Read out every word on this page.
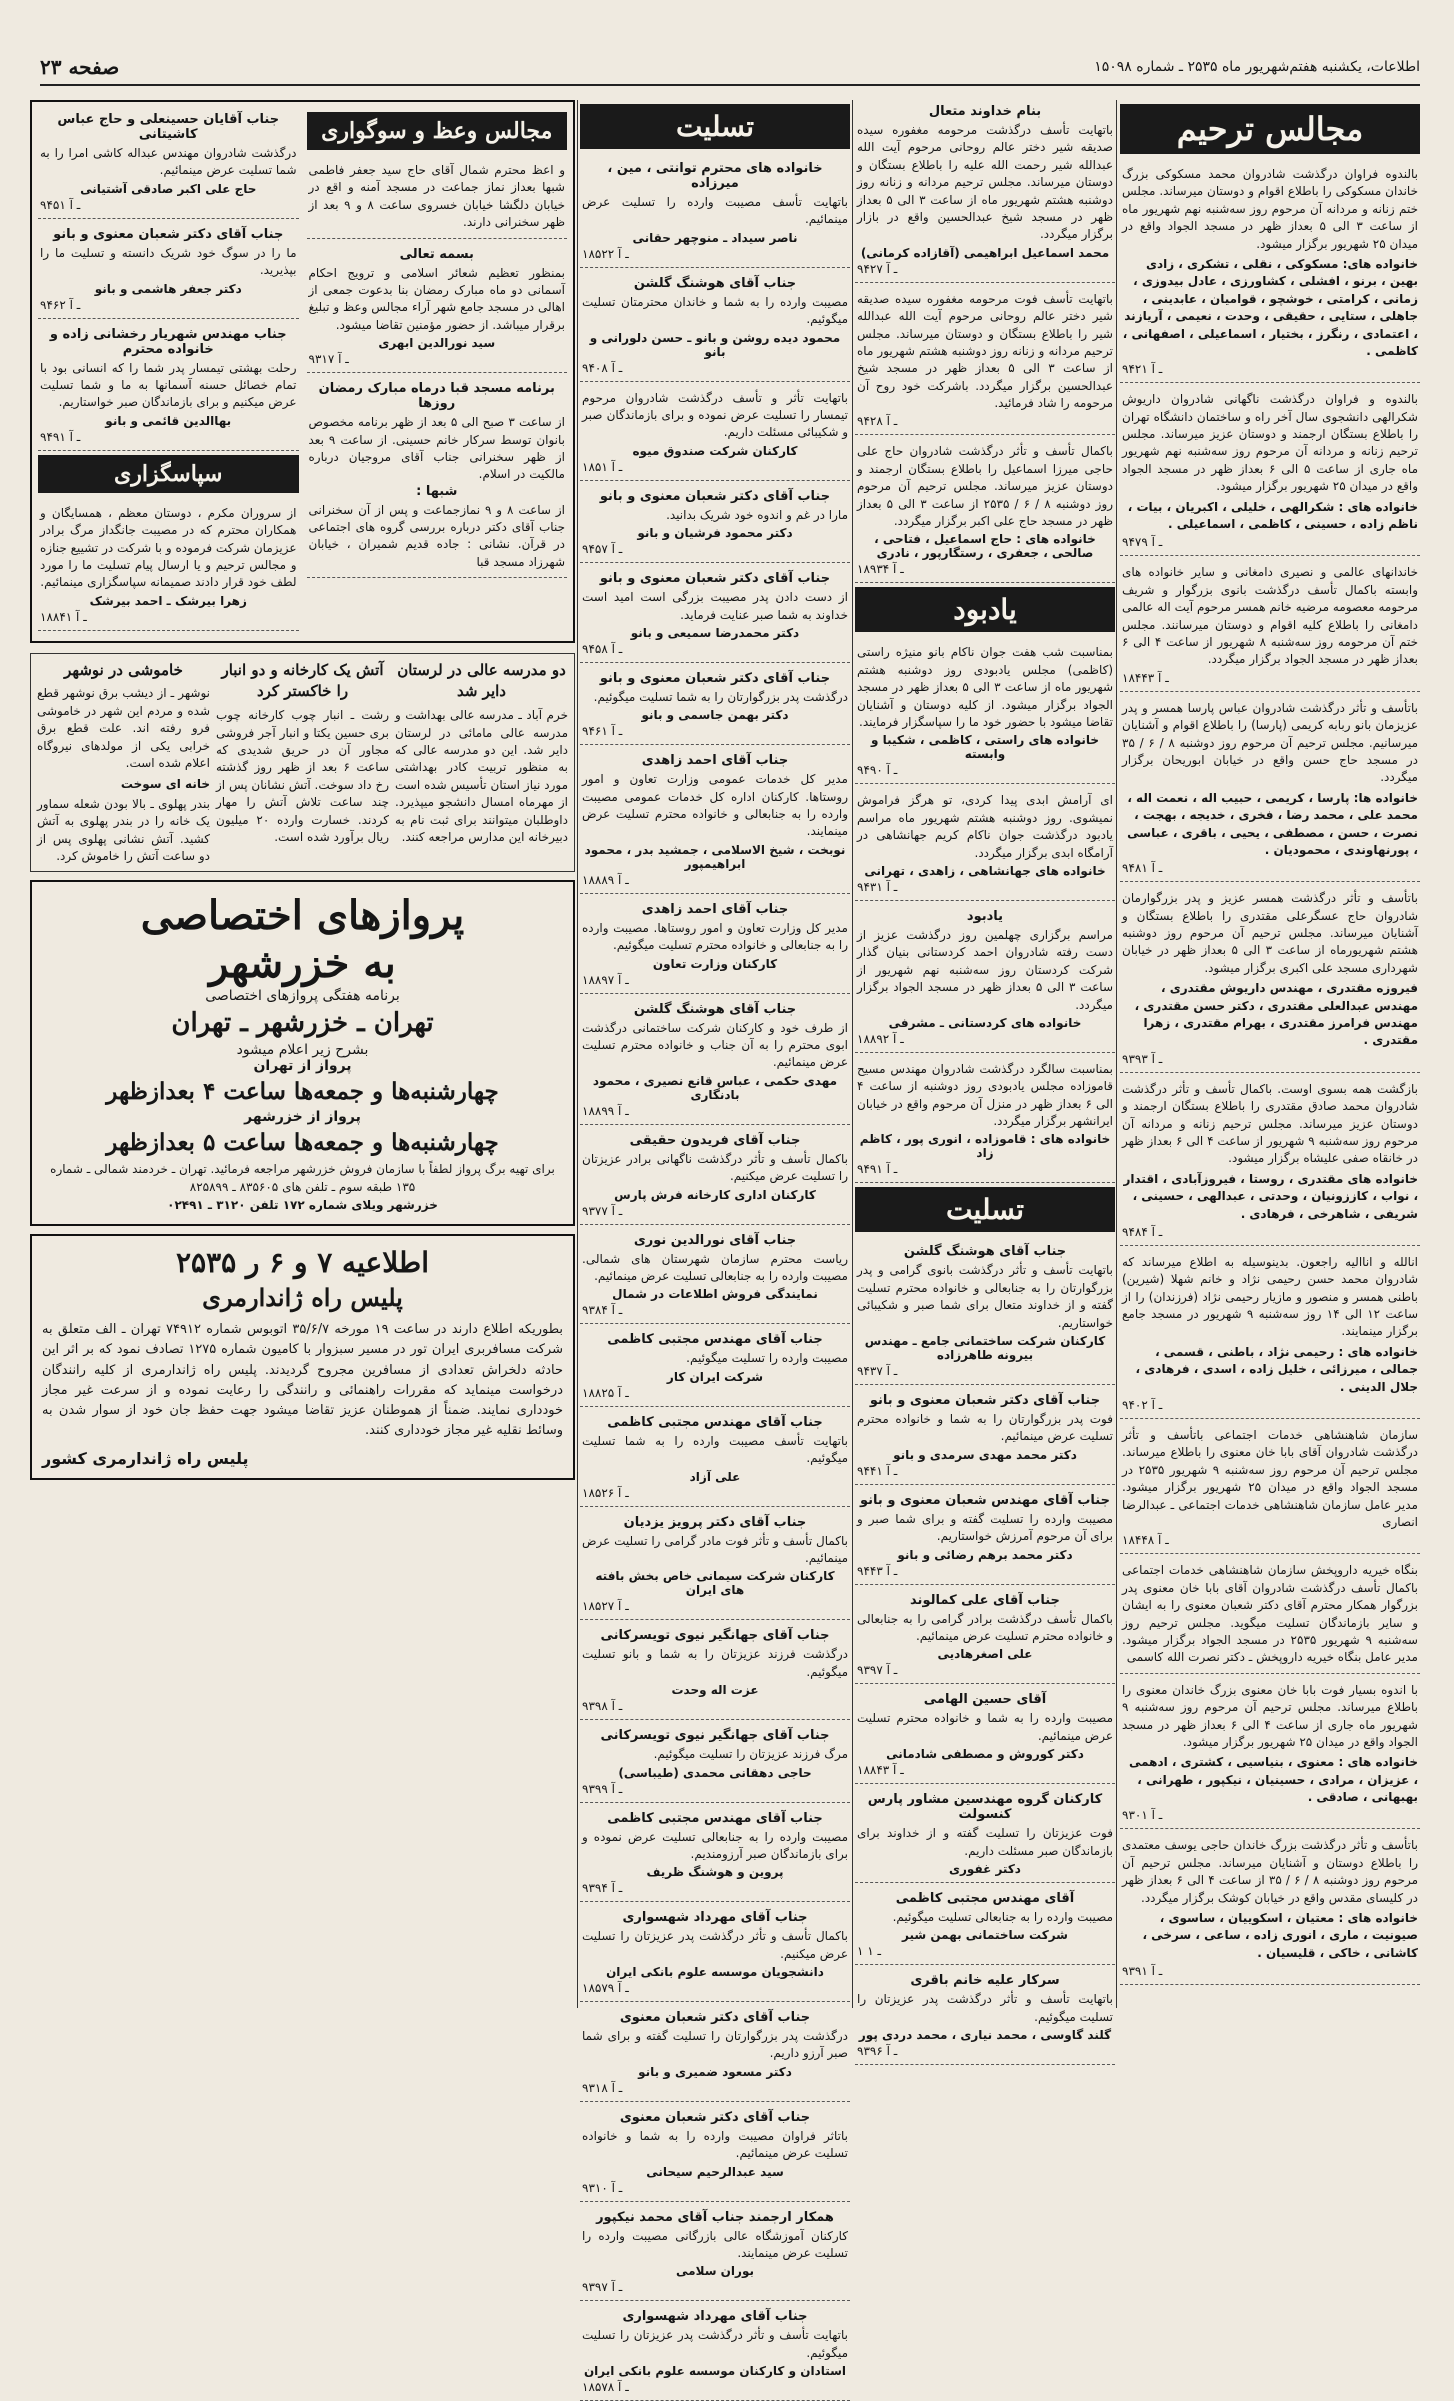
اطلاعات، یکشنبه هفتم‌شهریور ماه ۲۵۳۵ ـ شماره ۱۵۰۹۸
صفحه ۲۳
مجالس ترحیم
بالندوه فراوان درگذشت شادروان محمد مسکوکی بزرگ خاندان مسکوکی را باطلاع اقوام و دوستان میرساند. مجلس ختم زنانه و مردانه آن مرحوم روز سه‌شنبه نهم شهریور ماه از ساعت ۳ الی ۵ بعداز ظهر در مسجد الجواد واقع در میدان ۲۵ شهریور برگزار میشود.
خانواده های: مسکوکی ، نقلی ، تشکری ، زادی بهین ، برنو ، افشلی ، کشاورزی ، عادل بیدوزی ، زمانی ، کرامتی ، خوشچو ، قوامیان ، عابدینی ، جاهلی ، ستایی ، حقیقی ، وحدت ، نعیمی ، آریازند ، اعتمادی ، رنگرز ، بختیار ، اسماعیلی ، اصفهانی ، کاظمی .
۹۴۲۱ ـ آ
بالندوه و فراوان درگذشت ناگهانی شادروان داریوش شکرالهی دانشجوی سال آخر راه و ساختمان دانشگاه تهران را باطلاع بستگان ارجمند و دوستان عزیز میرساند. مجلس ترحیم زنانه و مردانه آن مرحوم روز سه‌شنبه نهم شهریور ماه جاری از ساعت ۵ الی ۶ بعداز ظهر در مسجد الجواد واقع در میدان ۲۵ شهریور برگزار میشود.
خانواده های : شکرالهی ، خلیلی ، اکبریان ، بیات ، ناظم زاده ، حسینی ، کاظمی ، اسماعیلی .
۹۴۷۹ ـ آ
خاندانهای عالمی و نصیری دامغانی و سایر خانواده های وابسته باکمال تأسف درگذشت بانوی بزرگوار و شریف مرحومه معصومه مرضیه خانم همسر مرحوم آیت اله عالمی دامغانی را باطلاع کلیه اقوام و دوستان میرسانند. مجلس ختم آن مرحومه روز سه‌شنبه ۸ شهریور از ساعت ۴ الی ۶ بعداز ظهر در مسجد الجواد برگزار میگردد.
۱۸۴۴۳ ـ آ
باتأسف و تأثر درگذشت شادروان عباس پارسا همسر و پدر عزیزمان بانو ربابه کریمی (پارسا) را باطلاع اقوام و آشنایان میرسانیم. مجلس ترحیم آن مرحوم روز دوشنبه ۸ / ۶ / ۳۵ در مسجد حاج حسن واقع در خیابان ابوریحان برگزار میگردد.
خانواده ها: پارسا ، کریمی ، حبیب اله ، نعمت اله ، محمد علی ، محمد رضا ، فخری ، خدیجه ، بهجت ، نصرت ، حسن ، مصطفی ، یحیی ، باقری ، عباسی ، پورنهاوندی ، محمودیان .
۹۴۸۱ ـ آ
باتأسف و تأثر درگذشت همسر عزیز و پدر بزرگوارمان شادروان حاج عسگرعلی مقتدری را باطلاع بستگان و آشنایان میرساند. مجلس ترحیم آن مرحوم روز دوشنبه هشتم شهریورماه از ساعت ۳ الی ۵ بعداز ظهر در خیابان شهرداری مسجد علی اکبری برگزار میشود.
فیروزه مقتدری ، مهندس داریوش مقتدری ، مهندس عبدالعلی مقتدری ، دکتر حسن مقتدری ، مهندس فرامرز مقتدری ، بهرام مقتدری ، زهرا مقتدری .
۹۳۹۳ ـ آ
بازگشت همه بسوی اوست. باکمال تأسف و تأثر درگذشت شادروان محمد صادق مقتدری را باطلاع بستگان ارجمند و دوستان عزیز میرساند. مجلس ترحیم زنانه و مردانه آن مرحوم روز سه‌شنبه ۹ شهریور از ساعت ۴ الی ۶ بعداز ظهر در خانقاه صفی علیشاه برگزار میشود.
خانواده های مقتدری ، روستا ، فیروزآبادی ، اقتدار ، نواب ، کاززونیان ، وحدتی ، عبدالهی ، حسینی ، شریفی ، شاهرخی ، فرهادی .
۹۴۸۴ ـ آ
انالله و اناالیه راجعون. بدینوسیله به اطلاع میرساند که شادروان محمد حسن رحیمی نژاد و خانم شهلا (شیرین) باطنی همسر و منصور و مازیار رحیمی نژاد (فرزندان) را از ساعت ۱۲ الی ۱۴ روز سه‌شنبه ۹ شهریور در مسجد جامع برگزار مینمایند.
خانواده های : رحیمی نژاد ، باطنی ، قسمی ، جمالی ، میرزائی ، خلیل زاده ، اسدی ، فرهادی ، جلال الدینی .
۹۴۰۲ ـ آ
سازمان شاهنشاهی خدمات اجتماعی باتأسف و تأثر درگذشت شادروان آقای بابا خان معنوی را باطلاع میرساند. مجلس ترحیم آن مرحوم روز سه‌شنبه ۹ شهریور ۲۵۳۵ در مسجد الجواد واقع در میدان ۲۵ شهریور برگزار میشود. مدیر عامل سازمان شاهنشاهی خدمات اجتماعی ـ عبدالرضا انصاری
۱۸۴۴۸ ـ آ
بنگاه خیریه داروپخش سازمان شاهنشاهی خدمات اجتماعی باکمال تأسف درگذشت شادروان آقای بابا خان معنوی پدر بزرگوار همکار محترم آقای دکتر شعبان معنوی را به ایشان و سایر بازماندگان تسلیت میگوید. مجلس ترحیم روز سه‌شنبه ۹ شهریور ۲۵۳۵ در مسجد الجواد برگزار میشود. مدیر عامل بنگاه خیریه داروپخش ـ دکتر نصرت الله کاسمی
با اندوه بسیار فوت بابا خان معنوی بزرگ خاندان معنوی را باطلاع میرساند. مجلس ترحیم آن مرحوم روز سه‌شنبه ۹ شهریور ماه جاری از ساعت ۴ الی ۶ بعداز ظهر در مسجد الجواد واقع در میدان ۲۵ شهریور برگزار میشود.
خانواده های : معنوی ، بنیاسیی ، کشتری ، ادهمی ، عزیزان ، مرادی ، حسینیان ، نیکپور ، طهرانی ، بهبهانی ، صادقی .
۹۳۰۱ ـ آ
باتأسف و تأثر درگذشت بزرگ خاندان حاجی یوسف معتمدی را باطلاع دوستان و آشنایان میرساند. مجلس ترحیم آن مرحوم روز دوشنبه ۸ / ۶ / ۳۵ از ساعت ۴ الی ۶ بعداز ظهر در کلیسای مقدس واقع در خیابان کوشک برگزار میگردد.
خانواده های : معتیان ، اسکوییان ، ساسوی ، صیونیت ، ماری ، انوری زاده ، ساعی ، سرخی ، کاشانی ، خاکی ، قلیسیان .
۹۳۹۱ ـ آ
بنام خداوند متعال
باتهایت تأسف درگذشت مرحومه مغفوره سیده صدیقه شیر دختر عالم روحانی مرحوم آیت الله عبدالله شیر رحمت الله علیه را باطلاع بستگان و دوستان میرساند. مجلس ترحیم مردانه و زنانه روز دوشنبه هشتم شهریور ماه از ساعت ۳ الی ۵ بعداز ظهر در مسجد شیخ عبدالحسین واقع در بازار برگزار میگردد.
محمد اسماعیل ابراهیمی (آقازاده کرمانی)
۹۴۲۷ ـ آ
باتهایت تأسف فوت مرحومه مغفوره سیده صدیقه شیر دختر عالم روحانی مرحوم آیت الله عبدالله شیر را باطلاع بستگان و دوستان میرساند. مجلس ترحیم مردانه و زنانه روز دوشنبه هشتم شهریور ماه از ساعت ۳ الی ۵ بعداز ظهر در مسجد شیخ عبدالحسین برگزار میگردد. باشرکت خود روح آن مرحومه را شاد فرمائید.
۹۴۲۸ ـ آ
باکمال تأسف و تأثر درگذشت شادروان حاج علی حاجی میرزا اسماعیل را باطلاع بستگان ارجمند و دوستان عزیز میرساند. مجلس ترحیم آن مرحوم روز دوشنبه ۸ / ۶ / ۲۵۳۵ از ساعت ۳ الی ۵ بعداز ظهر در مسجد حاج علی اکبر برگزار میگردد.
خانواده های : حاج اسماعیل ، فتاحی ، صالحی ، جعفری ، رستگارپور ، نادری
۱۸۹۳۴ ـ آ
یادبود
بمناسبت شب هفت جوان ناکام بانو منیژه راستی (کاظمی) مجلس یادبودی روز دوشنبه هشتم شهریور ماه از ساعت ۳ الی ۵ بعداز ظهر در مسجد الجواد برگزار میشود. از کلیه دوستان و آشنایان تقاضا میشود با حضور خود ما را سپاسگزار فرمایند.
خانواده های راستی ، کاظمی ، شکیبا و وابسته
۹۴۹۰ ـ آ
ای آرامش ابدی پیدا کردی، تو هرگز فراموش نمیشوی. روز دوشنبه هشتم شهریور ماه مراسم یادبود درگذشت جوان ناکام کریم جهانشاهی در آرامگاه ابدی برگزار میگردد.
خانواده های جهانشاهی ، زاهدی ، تهرانی
۹۴۳۱ ـ آ
یادبود
مراسم برگزاری چهلمین روز درگذشت عزیز از دست رفته شادروان احمد کردستانی بنیان گذار شرکت کردستان روز سه‌شنبه نهم شهریور از ساعت ۳ الی ۵ بعداز ظهر در مسجد الجواد برگزار میگردد.
خانواده های کردستانی ـ مشرفی
۱۸۸۹۲ ـ آ
بمناسبت سالگرد درگذشت شادروان مهندس مسیح قاموزاده مجلس یادبودی روز دوشنبه از ساعت ۴ الی ۶ بعداز ظهر در منزل آن مرحوم واقع در خیابان ایرانشهر برگزار میگردد.
خانواده های : قاموزاده ، انوری پور ، کاظم زاد
۹۴۹۱ ـ آ
تسلیت
جناب آقای هوشنگ گلشن
باتهایت تأسف و تأثر درگذشت بانوی گرامی و پدر بزرگوارتان را به جنابعالی و خانواده محترم تسلیت گفته و از خداوند متعال برای شما صبر و شکیبائی خواستاریم.
کارکنان شرکت ساختمانی جامع ـ مهندس بیرونه طاهرزاده
۹۴۳۷ ـ آ
جناب آقای دکتر شعبان معنوی و بانو
فوت پدر بزرگوارتان را به شما و خانواده محترم تسلیت عرض مینمائیم.
دکتر محمد مهدی سرمدی و بانو
۹۴۴۱ ـ آ
جناب آقای مهندس شعبان معنوی و بانو
مصیبت وارده را تسلیت گفته و برای شما صبر و برای آن مرحوم آمرزش خواستاریم.
دکتر محمد برهم رضائی و بانو
۹۴۴۳ ـ آ
جناب آقای علی کمالوند
باکمال تأسف درگذشت برادر گرامی را به جنابعالی و خانواده محترم تسلیت عرض مینمائیم.
علی اصغرهادیی
۹۳۹۷ ـ آ
آقای حسین الهامی
مصیبت وارده را به شما و خانواده محترم تسلیت عرض مینمائیم.
دکتر کوروش و مصطفی شادمانی
۱۸۸۴۳ ـ آ
کارکنان گروه مهندسین مشاور پارس کنسولت
فوت عزیزتان را تسلیت گفته و از خداوند برای بازماندگان صبر مسئلت داریم.
دکتر غفوری
آقای مهندس مجتبی کاظمی
مصیبت وارده را به جنابعالی تسلیت میگوئیم.
شرکت ساختمانی بهمن شیر
۱ ـ ۱
سرکار علیه خانم باقری
باتهایت تأسف و تأثر درگذشت پدر عزیزتان را تسلیت میگوئیم.
گلند گاوسی ، محمد نیاری ، محمد دردی پور
۹۳۹۶ ـ آ
تسلیت
خانواده های محترم توانتی ، مین ، میرزاده
باتهایت تأسف مصیبت وارده را تسلیت عرض مینمائیم.
ناصر سیداد ـ منوچهر حقانی
۱۸۵۲۲ ـ آ
جناب آقای هوشنگ گلشن
مصیبت وارده را به شما و خاندان محترمتان تسلیت میگوئیم.
محمود دیده روشن و بانو ـ حسن دلورانی و بانو
۹۴۰۸ ـ آ
باتهایت تأثر و تأسف درگذشت شادروان مرحوم تیمسار را تسلیت عرض نموده و برای بازماندگان صبر و شکیبائی مسئلت داریم.
کارکنان شرکت صندوق میوه
۱۸۵۱ ـ آ
جناب آقای دکتر شعبان معنوی و بانو
مارا در غم و اندوه خود شریک بدانید.
دکتر محمود فرشیان و بانو
۹۴۵۷ ـ آ
جناب آقای دکتر شعبان معنوی و بانو
از دست دادن پدر مصیبت بزرگی است امید است خداوند به شما صبر عنایت فرماید.
دکتر محمدرضا سمیعی و بانو
۹۴۵۸ ـ آ
جناب آقای دکتر شعبان معنوی و بانو
درگذشت پدر بزرگوارتان را به شما تسلیت میگوئیم.
دکتر بهمن جاسمی و بانو
۹۴۶۱ ـ آ
جناب آقای احمد زاهدی
مدیر کل خدمات عمومی وزارت تعاون و امور روستاها. کارکنان اداره کل خدمات عمومی مصیبت وارده را به جنابعالی و خانواده محترم تسلیت عرض مینمایند.
نوبخت ، شیخ الاسلامی ، جمشید بدر ، محمود ابراهیمپور
۱۸۸۸۹ ـ آ
جناب آقای احمد زاهدی
مدیر کل وزارت تعاون و امور روستاها. مصیبت وارده را به جنابعالی و خانواده محترم تسلیت میگوئیم.
کارکنان وزارت تعاون
۱۸۸۹۷ ـ آ
جناب آقای هوشنگ گلشن
از طرف خود و کارکنان شرکت ساختمانی درگذشت ابوی محترم را به آن جناب و خانواده محترم تسلیت عرض مینمائیم.
مهدی حکمی ، عباس قانع نصیری ، محمود بادنگاری
۱۸۸۹۹ ـ آ
جناب آقای فریدون حقیقی
باکمال تأسف و تأثر درگذشت ناگهانی برادر عزیزتان را تسلیت عرض میکنیم.
کارکنان اداری کارخانه فرش پارس
۹۳۷۷ ـ آ
جناب آقای نورالدین نوری
ریاست محترم سازمان شهرستان های شمالی. مصیبت وارده را به جنابعالی تسلیت عرض مینمائیم.
نمایندگی فروش اطلاعات در شمال
۹۳۸۴ ـ آ
جناب آقای مهندس مجتبی کاظمی
مصیبت وارده را تسلیت میگوئیم.
شرکت ایران کار
۱۸۸۲۵ ـ آ
جناب آقای مهندس مجتبی کاظمی
باتهایت تأسف مصیبت وارده را به شما تسلیت میگوئیم.
علی آزاد
۱۸۵۲۶ ـ آ
جناب آقای دکتر پرویز یزدیان
باکمال تأسف و تأثر فوت مادر گرامی را تسلیت عرض مینمائیم.
کارکنان شرکت سیمانی خاص بخش بافته های ایران
۱۸۵۲۷ ـ آ
جناب آقای جهانگیر نیوی تویسرکانی
درگذشت فرزند عزیزتان را به شما و بانو تسلیت میگوئیم.
عزت اله وحدت
۹۳۹۸ ـ آ
جناب آقای جهانگیر نیوی تویسرکانی
مرگ فرزند عزیزتان را تسلیت میگوئیم.
حاجی دهقانی محمدی (طیباسی)
۹۳۹۹ ـ آ
جناب آقای مهندس مجتبی کاظمی
مصیبت وارده را به جنابعالی تسلیت عرض نموده و برای بازماندگان صبر آرزومندیم.
پروین و هوشنگ ظریف
۹۳۹۴ ـ آ
جناب آقای مهرداد شهسواری
باکمال تأسف و تأثر درگذشت پدر عزیزتان را تسلیت عرض میکنیم.
دانشجویان موسسه علوم بانکی ایران
۱۸۵۷۹ ـ آ
جناب آقای دکتر شعبان معنوی
درگذشت پدر بزرگوارتان را تسلیت گفته و برای شما صبر آرزو داریم.
دکتر مسعود ضمیری و بانو
۹۳۱۸ ـ آ
جناب آقای دکتر شعبان معنوی
باتاثر فراوان مصیبت وارده را به شما و خانواده تسلیت عرض مینمائیم.
سید عبدالرحیم سیحانی
۹۳۱۰ ـ آ
همکار ارجمند جناب آقای محمد نیکپور
کارکنان آموزشگاه عالی بازرگانی مصیبت وارده را تسلیت عرض مینمایند.
بوران سلامی
۹۳۹۷ ـ آ
جناب آقای مهرداد شهسواری
باتهایت تأسف و تأثر درگذشت پدر عزیزتان را تسلیت میگوئیم.
استادان و کارکنان موسسه علوم بانکی ایران
۱۸۵۷۸ ـ آ
مجالس وعظ و سوگواری
و اعظ محترم شمال آقای حاج سید جعفر فاطمی شبها بعداز نماز جماعت در مسجد آمنه و اقع در خیابان دلگشا خیابان خسروی ساعت ۸ و ۹ بعد از ظهر سخنرانی دارند.
بسمه تعالی
بمنظور تعظیم شعائر اسلامی و ترویج احکام آسمانی دو ماه مبارک رمضان بنا بدعوت جمعی از اهالی در مسجد جامع شهر آراء مجالس وعظ و تبلیغ برقرار میباشد. از حضور مؤمنین تقاضا میشود.
سید نورالدین ابهری
۹۳۱۷ ـ آ
برنامه مسجد قبا درماه مبارک رمضان روزها
از ساعت ۳ صبح الی ۵ بعد از ظهر برنامه مخصوص بانوان توسط سرکار خانم حسینی. از ساعت ۹ بعد از ظهر سخنرانی جناب آقای مروجیان درباره مالکیت در اسلام.
شبها :
از ساعت ۸ و ۹ نمازجماعت و پس از آن سخنرانی جناب آقای دکتر درباره بررسی گروه های اجتماعی در قرآن. نشانی : جاده قدیم شمیران ، خیابان شهرزاد مسجد قبا
جناب آقایان حسینعلی و حاج عباس کاشیتانی
درگذشت شادروان مهندس عبداله کاشی امرا را به شما تسلیت عرض مینمائیم.
حاج علی اکبر صادقی آشتیانی
۹۴۵۱ ـ آ
جناب آقای دکتر شعبان معنوی و بانو
ما را در سوگ خود شریک دانسته و تسلیت ما را بپذیرید.
دکتر جعفر هاشمی و بانو
۹۴۶۲ ـ آ
جناب مهندس شهریار رخشانی زاده و خانواده محترم
رحلت بهشتی تیمسار پدر شما را که انسانی بود با تمام خصائل حسنه آسمانها به ما و شما تسلیت عرض میکنیم و برای بازماندگان صبر خواستاریم.
بهاالدین قائمی و بانو
۹۴۹۱ ـ آ
سپاسگزاری
از سروران مکرم ، دوستان معظم ، همسایگان و همکاران محترم که در مصیبت جانگداز مرگ برادر عزیزمان شرکت فرموده و با شرکت در تشییع جنازه و مجالس ترحیم و یا ارسال پیام تسلیت ما را مورد لطف خود قرار دادند صمیمانه سپاسگزاری مینمائیم.
زهرا بیرشک ـ احمد بیرشک
۱۸۸۴۱ ـ آ
دو مدرسه عالی در لرستان دایر شد
خرم آباد ـ مدرسه عالی بهداشت و مدرسه عالی مامائی در لرستان دایر شد. این دو مدرسه عالی که به منظور تربیت کادر بهداشتی مورد نیاز استان تأسیس شده است از مهرماه امسال دانشجو میپذیرد. داوطلبان میتوانند برای ثبت نام به دبیرخانه این مدارس مراجعه کنند.
آتش یک کارخانه و دو انبار را خاکستر کرد
رشت ـ انبار چوب کارخانه چوب بری حسین یکتا و انبار آجر فروشی مجاور آن در حریق شدیدی که ساعت ۶ بعد از ظهر روز گذشته رخ داد سوخت. آتش نشانان پس از چند ساعت تلاش آتش را مهار کردند. خسارت وارده ۲۰ میلیون ریال برآورد شده است.
خاموشی در نوشهر
نوشهر ـ از دیشب برق نوشهر قطع شده و مردم این شهر در خاموشی فرو رفته اند. علت قطع برق خرابی یکی از مولدهای نیروگاه اعلام شده است.
خانه ای سوخت
بندر پهلوی ـ بالا بودن شعله سماور یک خانه را در بندر پهلوی به آتش کشید. آتش نشانی پهلوی پس از دو ساعت آتش را خاموش کرد.
پروازهای اختصاصی
به خزرشهر
برنامه هفتگی پروازهای اختصاصی
تهران ـ خزرشهر ـ تهران
بشرح زیر اعلام میشود
پرواز از تهران
چهارشنبه‌ها و جمعه‌ها ساعت ۴ بعدازظهر
پرواز از خزرشهر
چهارشنبه‌ها و جمعه‌ها ساعت ۵ بعدازظهر
برای تهیه برگ پرواز لطفاً با سازمان فروش خزرشهر مراجعه فرمائید. تهران ـ خردمند شمالی ـ شماره ۱۳۵ طبقه سوم ـ تلفن های ۸۳۵۶۰۵ ـ ۸۲۵۸۹۹
خزرشهر ویلای شماره ۱۷۲ تلفن ۳۱۲۰ ـ ۰۲۴۹۱
اطلاعیه ۷ و ۶ ر ۲۵۳۵
پلیس راه ژاندارمری
بطوریکه اطلاع دارند در ساعت ۱۹ مورخه ۳۵/۶/۷ اتوبوس شماره ۷۴۹۱۲ تهران ـ الف متعلق به شرکت مسافربری ایران تور در مسیر سبزوار با کامیون شماره ۱۲۷۵ تصادف نمود که بر اثر این حادثه دلخراش تعدادی از مسافرین مجروح گردیدند. پلیس راه ژاندارمری از کلیه رانندگان درخواست مینماید که مقررات راهنمائی و رانندگی را رعایت نموده و از سرعت غیر مجاز خودداری نمایند. ضمناً از هموطنان عزیز تقاضا میشود جهت حفظ جان خود از سوار شدن به وسائط نقلیه غیر مجاز خودداری کنند.
پلیس راه ژاندارمری کشور
